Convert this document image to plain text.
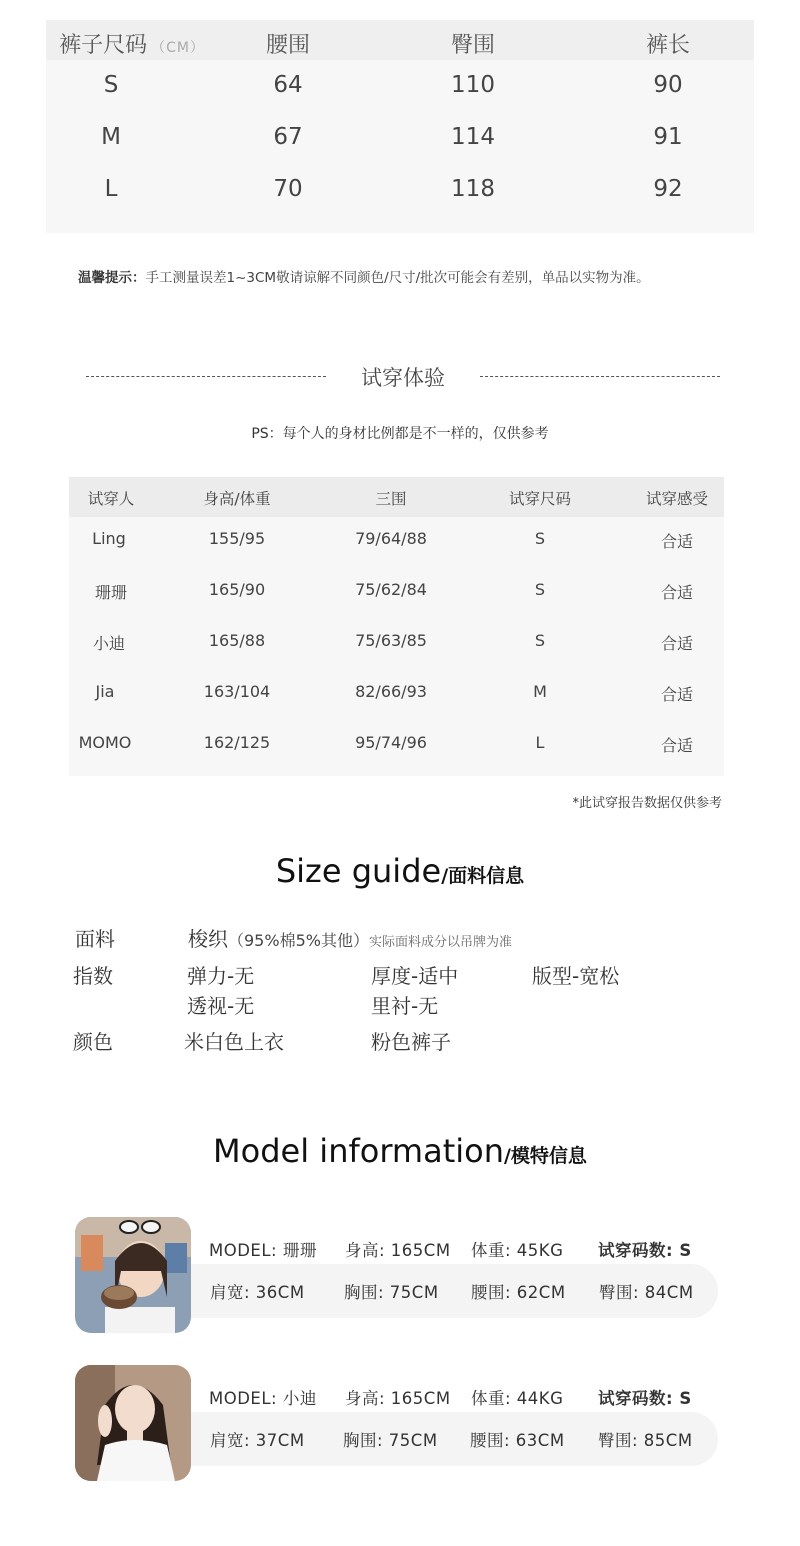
裤子尺码 （CM）	腰围	臀围	裤长
S	64	110	90
M	67	114	91
L	70	118	92
温馨提示：手工测量误差1~3CM敬请谅解不同颜色/尺寸/批次可能会有差别，单品以实物为准。
试穿体验
PS：每个人的身材比例都是不一样的，仅供参考
试穿人	身高/体重	三围	试穿尺码	试穿感受
Ling	155/95	79/64/88	S	合适
珊珊	165/90	75/62/84	S	合适
小迪	165/88	75/63/85	S	合适
Jia	163/104	82/66/93	M	合适
MOMO	162/125	95/74/96	L	合适
*此试穿报告数据仅供参考
Size guide/面料信息
面料	梭织（95%棉5%其他）实际面料成分以吊牌为准
指数	弹力-无	厚度-适中	版型-宽松
透视-无	里衬-无
颜色	米白色上衣	粉色裤子
Model information/模特信息
MODEL: 珊珊 身高: 165CM 体重: 45KG 试穿码数: S
肩宽: 36CM 胸围: 75CM 腰围: 62CM 臀围: 84CM
MODEL: 小迪 身高: 165CM 体重: 44KG 试穿码数: S
肩宽: 37CM 胸围: 75CM 腰围: 63CM 臀围: 85CM
